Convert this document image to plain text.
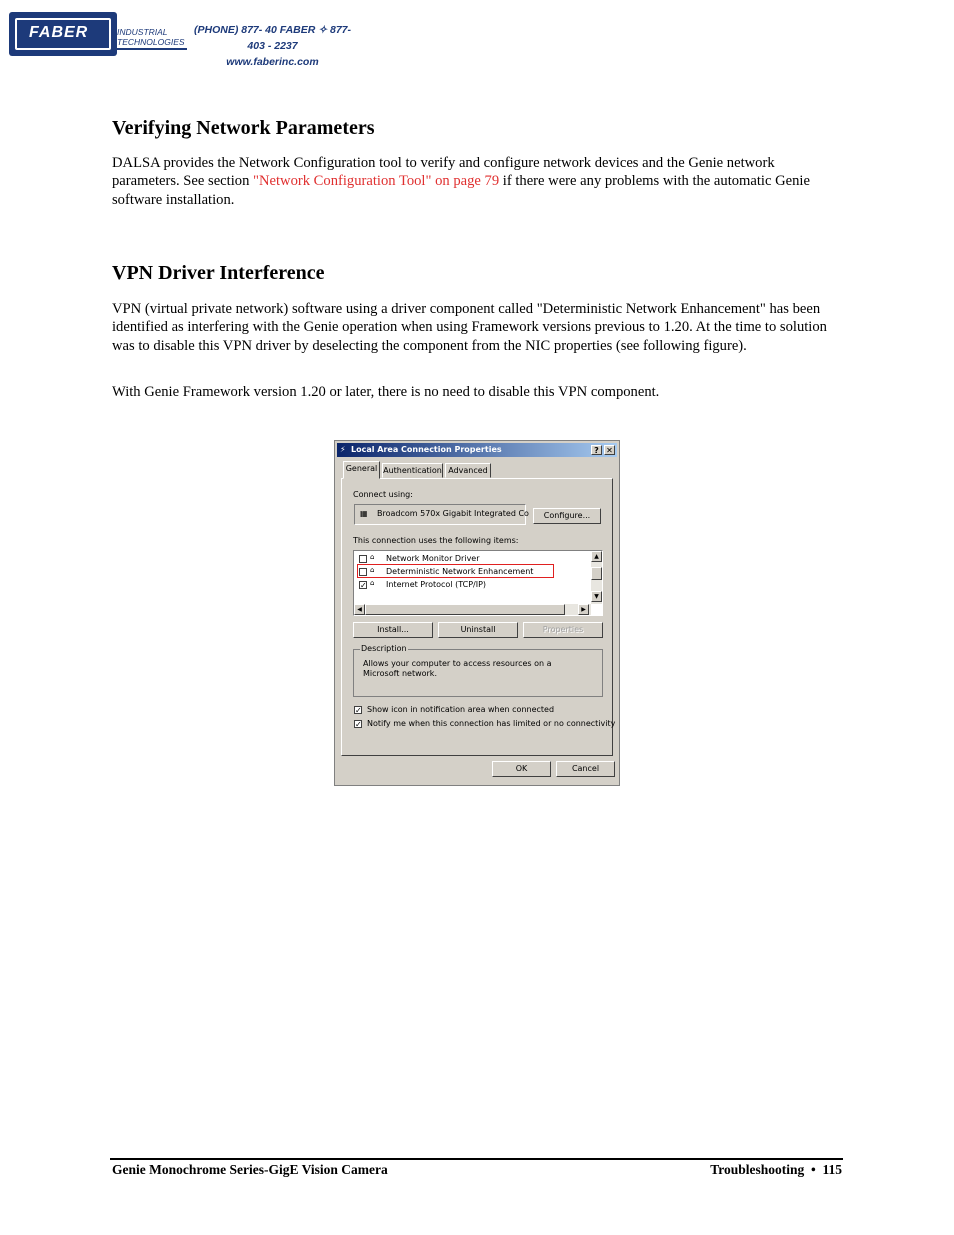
FABER	INDUSTRIAL
TECHNOLOGIES
(PHONE) 877- 40 FABER ✧ 877- 403 - 2237
www.faberinc.com
Verifying Network Parameters

DALSA provides the Network Configuration tool to verify and configure network devices and the Genie network parameters. See section "Network Configuration Tool" on page 79 if there were any problems with the automatic Genie software installation.

VPN Driver Interference

VPN (virtual private network) software using a driver component called "Deterministic Network Enhancement" has been identified as interfering with the Genie operation when using Framework versions previous to 1.20. At the time to solution was to disable this VPN driver by deselecting the component from the NIC properties (see following figure).

With Genie Framework version 1.20 or later, there is no need to disable this VPN component.

⚡ Local Area Connection Properties	? ✕
General Authentication Advanced
Connect using:
▦ Broadcom 570x Gigabit Integrated Co	Configure...
This connection uses the following items:
⌂ Network Monitor Driver
⌂ Deterministic Network Enhancement
✓ ⌂ Internet Protocol (TCP/IP)
▲
▼
◀	▶
Install...	Uninstall	Properties
Description
Allows your computer to access resources on a Microsoft network.
✓ Show icon in notification area when connected
✓ Notify me when this connection has limited or no connectivity
OK	Cancel
Genie Monochrome Series-GigE Vision Camera	Troubleshooting  •  115
